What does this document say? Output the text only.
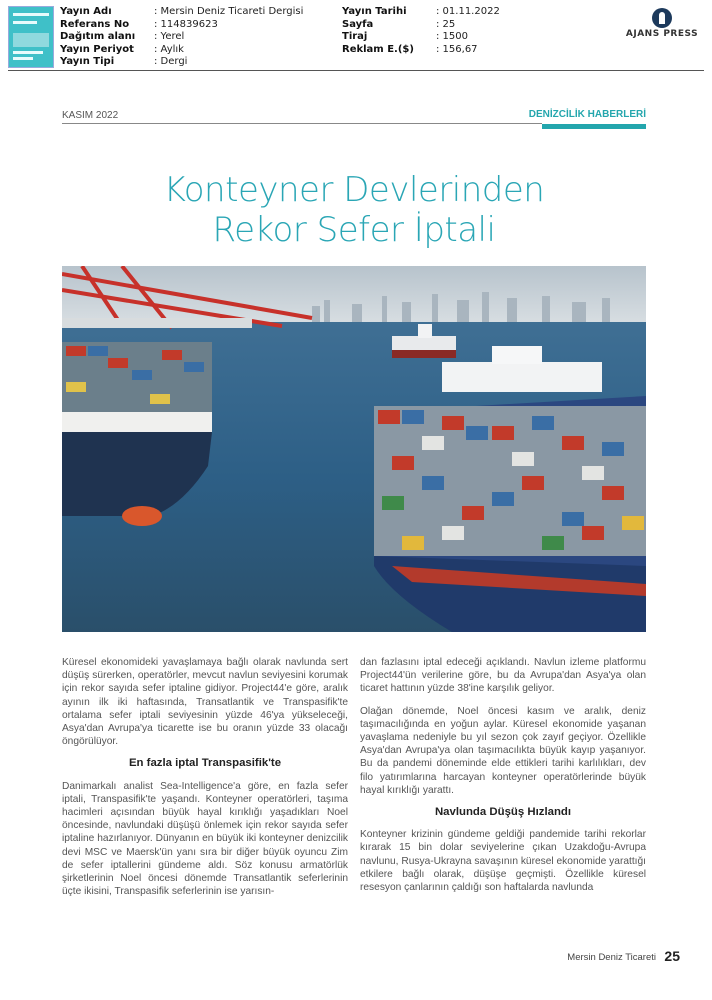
Yayın Adı	: Mersin Deniz Ticareti Dergisi
Referans No	: 114839623
Dağıtım alanı	: Yerel
Yayın Periyot	: Aylık
Yayın Tipi	: Dergi
Yayın Tarihi	: 01.11.2022
Sayfa	: 25
Tiraj	: 1500
Reklam E.($)	: 156,67
AJANS PRESS
KASIM 2022	DENİZCİLİK HABERLERİ
Konteyner Devlerinden
Rekor Sefer İptali

Küresel ekonomideki yavaşlamaya bağlı olarak navlunda sert düşüş sürerken, operatörler, mevcut navlun seviyesini korumak için rekor sayıda sefer iptaline gidiyor. Project44'e göre, aralık ayının ilk iki haftasında, Transatlantik ve Transpasifik'te ortalama sefer iptali seviyesinin yüzde 46'ya yükseleceği, Asya'dan Avrupa'ya ticarette ise bu oranın yüzde 33 olacağı öngörülüyor.

En fazla iptal Transpasifik'te

Danimarkalı analist Sea-Intelligence'a göre, en fazla sefer iptali, Transpasifik'te yaşandı. Konteyner operatörleri, taşıma hacimleri açısından büyük hayal kırıklığı yaşadıkları Noel öncesinde, navlundaki düşüşü önlemek için rekor sayıda sefer iptaline hazırlanıyor. Dünyanın en büyük iki konteyner denizcilik devi MSC ve Maersk'ün yanı sıra bir diğer büyük oyuncu Zim de sefer iptallerini gündeme aldı. Söz konusu armatörlük şirketlerinin Noel öncesi dönemde Transatlantik seferlerinin üçte ikisini, Transpasifik seferlerinin ise yarısın-

dan fazlasını iptal edeceği açıklandı. Navlun izleme platformu Project44'ün verilerine göre, bu da Avrupa'dan Asya'ya olan ticaret hattının yüzde 38'ine karşılık geliyor.

Olağan dönemde, Noel öncesi kasım ve aralık, deniz taşımacılığında en yoğun aylar. Küresel ekonomide yaşanan yavaşlama nedeniyle bu yıl sezon çok zayıf geçiyor. Özellikle Asya'dan Avrupa'ya olan taşımacılıkta büyük kayıp yaşanıyor. Bu da pandemi döneminde elde ettikleri tarihi karlılıkları, dev filo yatırımlarına harcayan konteyner operatörlerinde büyük hayal kırıklığı yarattı.

Navlunda Düşüş Hızlandı

Konteyner krizinin gündeme geldiği pandemide tarihi rekorlar kırarak 15 bin dolar seviyelerine çıkan Uzakdoğu-Avrupa navlunu, Rusya-Ukrayna savaşının küresel ekonomide yarattığı etkilere bağlı olarak, düşüşe geçmişti. Özellikle küresel resesyon çanlarının çaldığı son haftalarda navlunda

Mersin Deniz Ticareti 25
